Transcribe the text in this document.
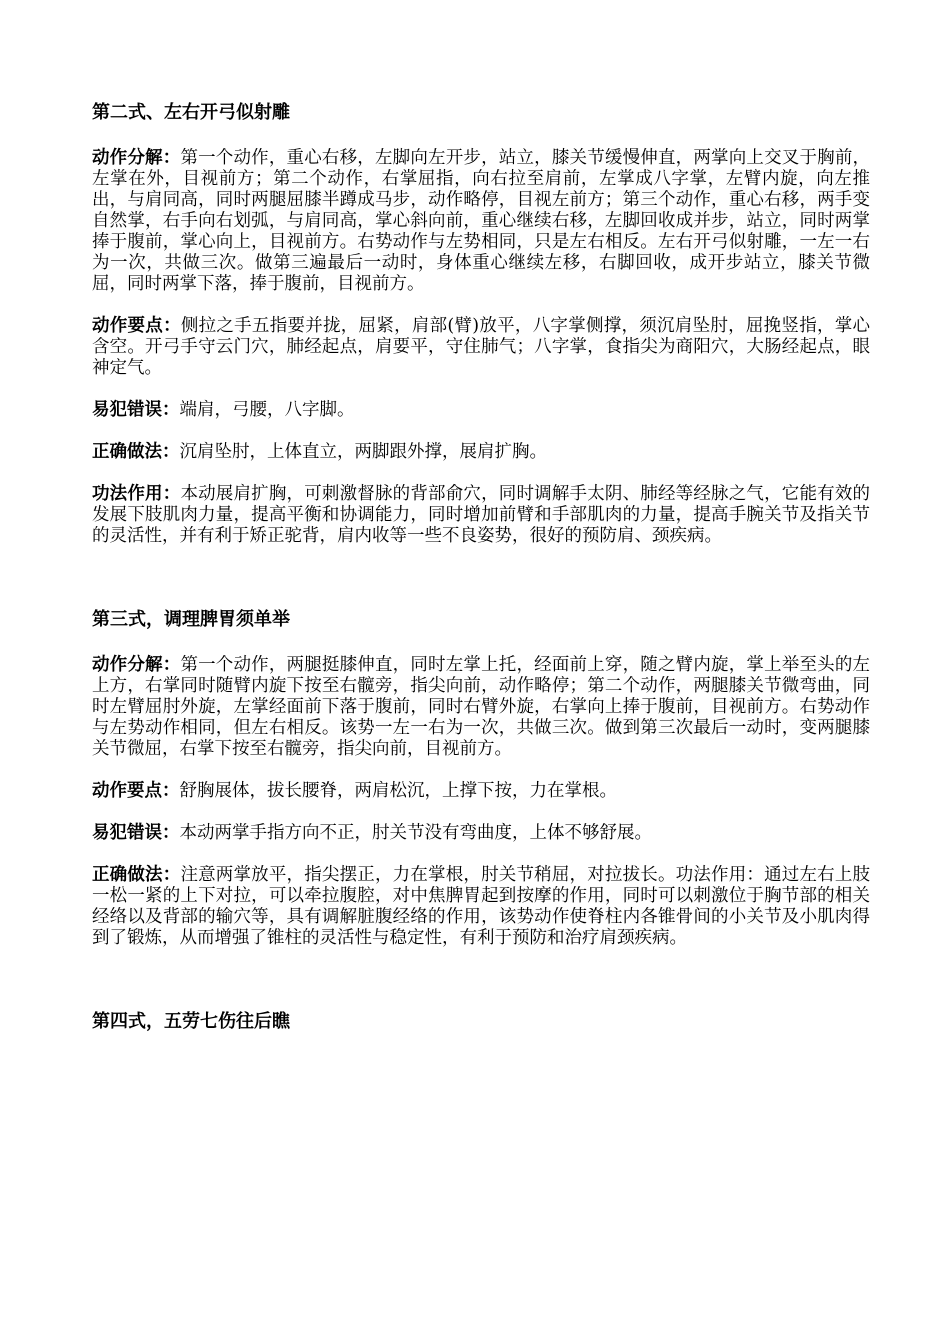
第二式、左右开弓似射雕

动作分解：第一个动作，重心右移，左脚向左开步，站立，膝关节缓慢伸直，两掌向上交叉于胸前，左掌在外，目视前方；第二个动作，右掌屈指，向右拉至肩前，左掌成八字掌，左臂内旋，向左推出，与肩同高，同时两腿屈膝半蹲成马步，动作略停，目视左前方；第三个动作，重心右移，两手变自然掌，右手向右划弧，与肩同高，掌心斜向前，重心继续右移，左脚回收成并步，站立，同时两掌捧于腹前，掌心向上，目视前方。右势动作与左势相同，只是左右相反。左右开弓似射雕，一左一右为一次，共做三次。做第三遍最后一动时，身体重心继续左移，右脚回收，成开步站立，膝关节微屈，同时两掌下落，捧于腹前，目视前方。

动作要点：侧拉之手五指要并拢，屈紧，肩部(臂)放平，八字掌侧撑，须沉肩坠肘，屈挽竖指，掌心含空。开弓手守云门穴，肺经起点，肩要平，守住肺气；八字掌，食指尖为商阳穴，大肠经起点，眼神定气。

易犯错误：端肩，弓腰，八字脚。

正确做法：沉肩坠肘，上体直立，两脚跟外撑，展肩扩胸。

功法作用：本动展肩扩胸，可刺激督脉的背部俞穴，同时调解手太阴、肺经等经脉之气，它能有效的发展下肢肌肉力量，提高平衡和协调能力，同时增加前臂和手部肌肉的力量，提高手腕关节及指关节的灵活性，并有利于矫正驼背，肩内收等一些不良姿势，很好的预防肩、颈疾病。

第三式，调理脾胃须单举

动作分解：第一个动作，两腿挺膝伸直，同时左掌上托，经面前上穿，随之臂内旋，掌上举至头的左上方，右掌同时随臂内旋下按至右髋旁，指尖向前，动作略停；第二个动作，两腿膝关节微弯曲，同时左臂屈肘外旋，左掌经面前下落于腹前，同时右臂外旋，右掌向上捧于腹前，目视前方。右势动作与左势动作相同，但左右相反。该势一左一右为一次，共做三次。做到第三次最后一动时，变两腿膝关节微屈，右掌下按至右髋旁，指尖向前，目视前方。

动作要点：舒胸展体，拔长腰脊，两肩松沉，上撑下按，力在掌根。

易犯错误：本动两掌手指方向不正，肘关节没有弯曲度，上体不够舒展。

正确做法：注意两掌放平，指尖摆正，力在掌根，肘关节稍屈，对拉拔长。功法作用：通过左右上肢一松一紧的上下对拉，可以牵拉腹腔，对中焦脾胃起到按摩的作用，同时可以刺激位于胸节部的相关经络以及背部的输穴等，具有调解脏腹经络的作用，该势动作使脊柱内各锥骨间的小关节及小肌肉得到了锻炼，从而增强了锥柱的灵活性与稳定性，有利于预防和治疗肩颈疾病。

第四式，五劳七伤往后瞧
